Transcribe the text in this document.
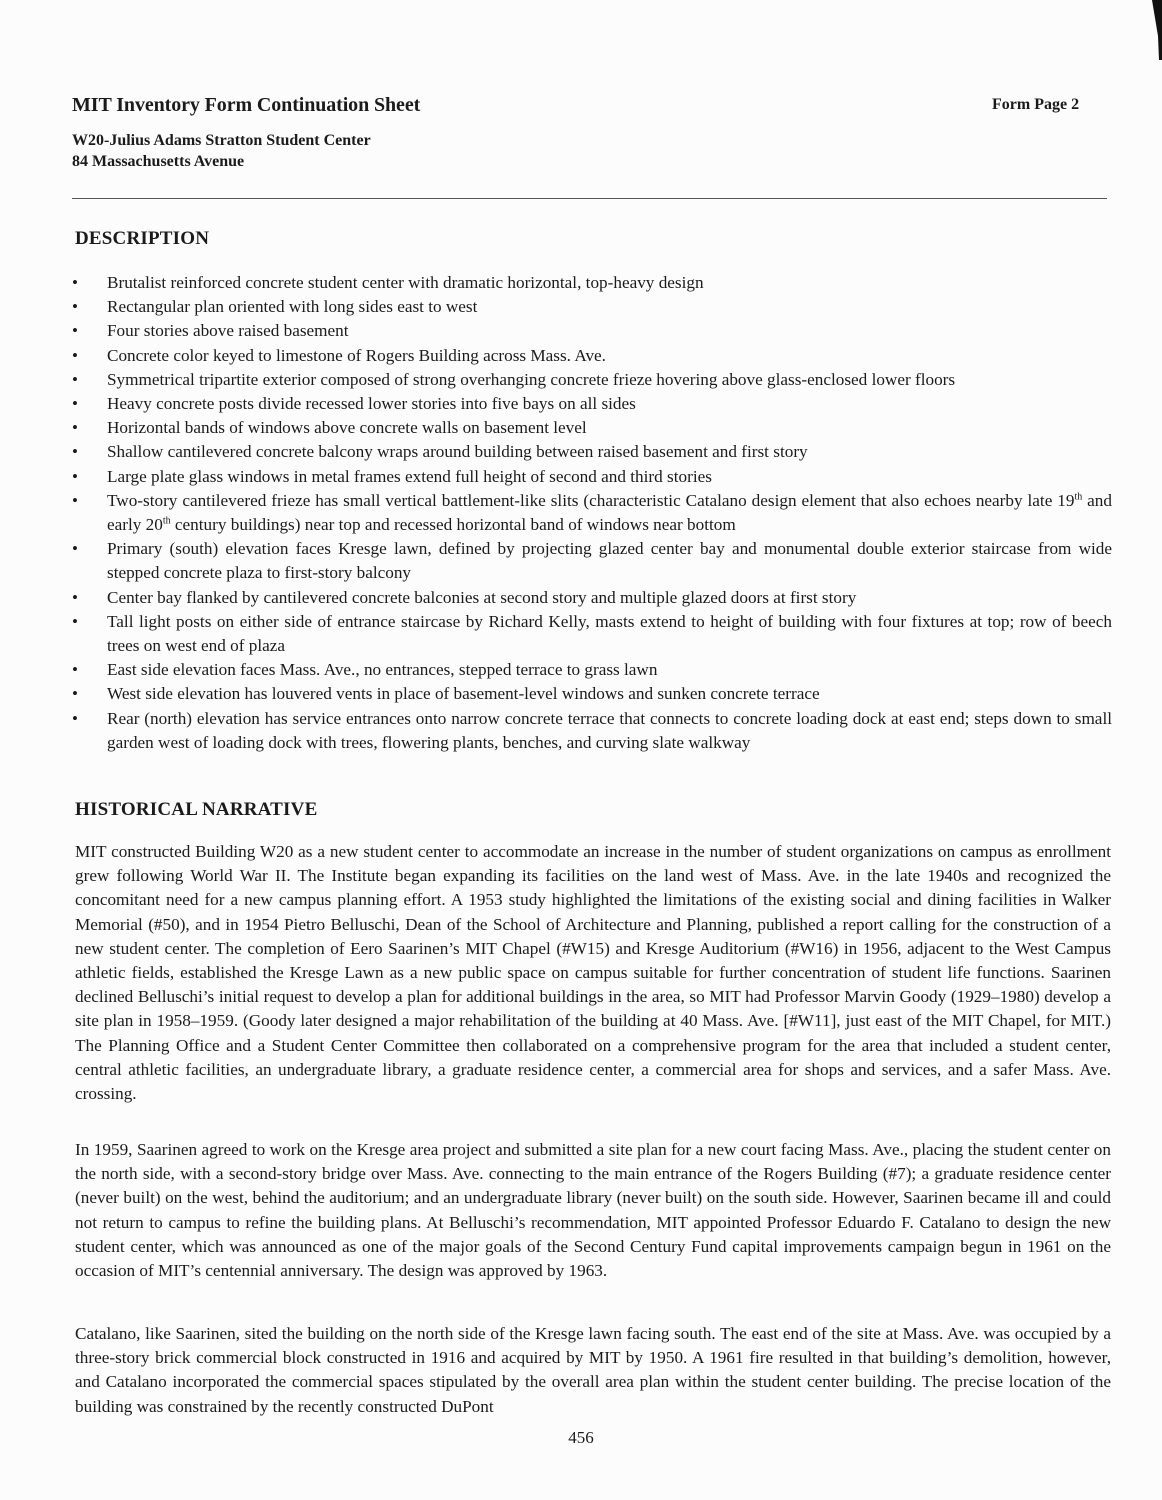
MIT Inventory Form Continuation Sheet	Form Page 2
W20-Julius Adams Stratton Student Center
84 Massachusetts Avenue
DESCRIPTION
• Brutalist reinforced concrete student center with dramatic horizontal, top-heavy design
• Rectangular plan oriented with long sides east to west
• Four stories above raised basement
• Concrete color keyed to limestone of Rogers Building across Mass. Ave.
• Symmetrical tripartite exterior composed of strong overhanging concrete frieze hovering above glass-enclosed lower floors
• Heavy concrete posts divide recessed lower stories into five bays on all sides
• Horizontal bands of windows above concrete walls on basement level
• Shallow cantilevered concrete balcony wraps around building between raised basement and first story
• Large plate glass windows in metal frames extend full height of second and third stories
• Two-story cantilevered frieze has small vertical battlement-like slits (characteristic Catalano design element that also echoes nearby late 19th and early 20th century buildings) near top and recessed horizontal band of windows near bottom
• Primary (south) elevation faces Kresge lawn, defined by projecting glazed center bay and monumental double exterior staircase from wide stepped concrete plaza to first-story balcony
• Center bay flanked by cantilevered concrete balconies at second story and multiple glazed doors at first story
• Tall light posts on either side of entrance staircase by Richard Kelly, masts extend to height of building with four fixtures at top; row of beech trees on west end of plaza
• East side elevation faces Mass. Ave., no entrances, stepped terrace to grass lawn
• West side elevation has louvered vents in place of basement-level windows and sunken concrete terrace
• Rear (north) elevation has service entrances onto narrow concrete terrace that connects to concrete loading dock at east end; steps down to small garden west of loading dock with trees, flowering plants, benches, and curving slate walkway
HISTORICAL NARRATIVE

MIT constructed Building W20 as a new student center to accommodate an increase in the number of student organizations on campus as enrollment grew following World War II. The Institute began expanding its facilities on the land west of Mass. Ave. in the late 1940s and recognized the concomitant need for a new campus planning effort. A 1953 study highlighted the limitations of the existing social and dining facilities in Walker Memorial (#50), and in 1954 Pietro Belluschi, Dean of the School of Architecture and Planning, published a report calling for the construction of a new student center. The completion of Eero Saarinen’s MIT Chapel (#W15) and Kresge Auditorium (#W16) in 1956, adjacent to the West Campus athletic fields, established the Kresge Lawn as a new public space on campus suitable for further concentration of student life functions. Saarinen declined Belluschi’s initial request to develop a plan for additional buildings in the area, so MIT had Professor Marvin Goody (1929–1980) develop a site plan in 1958–1959. (Goody later designed a major rehabilitation of the building at 40 Mass. Ave. [#W11], just east of the MIT Chapel, for MIT.) The Planning Office and a Student Center Committee then collaborated on a comprehensive program for the area that included a student center, central athletic facilities, an undergraduate library, a graduate residence center, a commercial area for shops and services, and a safer Mass. Ave. crossing.

In 1959, Saarinen agreed to work on the Kresge area project and submitted a site plan for a new court facing Mass. Ave., placing the student center on the north side, with a second-story bridge over Mass. Ave. connecting to the main entrance of the Rogers Building (#7); a graduate residence center (never built) on the west, behind the auditorium; and an undergraduate library (never built) on the south side. However, Saarinen became ill and could not return to campus to refine the building plans. At Belluschi’s recommendation, MIT appointed Professor Eduardo F. Catalano to design the new student center, which was announced as one of the major goals of the Second Century Fund capital improvements campaign begun in 1961 on the occasion of MIT’s centennial anniversary. The design was approved by 1963.

Catalano, like Saarinen, sited the building on the north side of the Kresge lawn facing south. The east end of the site at Mass. Ave. was occupied by a three-story brick commercial block constructed in 1916 and acquired by MIT by 1950. A 1961 fire resulted in that building’s demolition, however, and Catalano incorporated the commercial spaces stipulated by the overall area plan within the student center building. The precise location of the building was constrained by the recently constructed DuPont

456
